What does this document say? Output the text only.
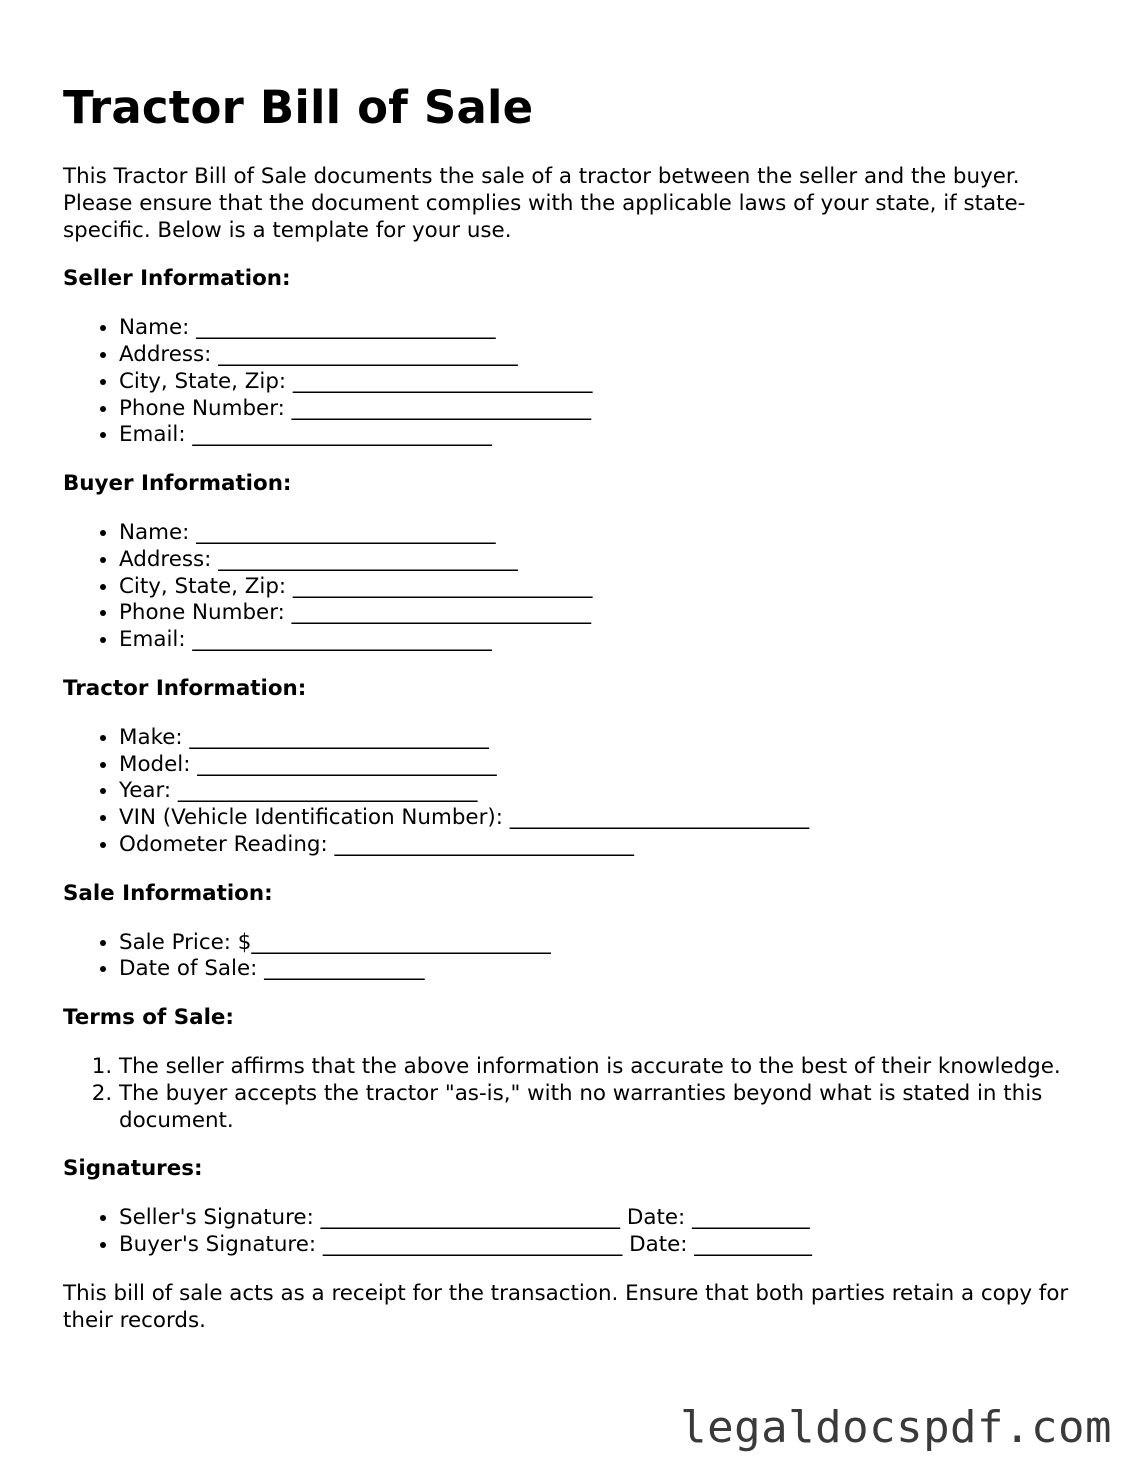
Tractor Bill of Sale

This Tractor Bill of Sale documents the sale of a tractor between the seller and the buyer. Please ensure that the document complies with the applicable laws of your state, if state-specific. Below is a template for your use.

Seller Information:
• Name: ____________________________
• Address: ____________________________
• City, State, Zip: ____________________________
• Phone Number: ____________________________
• Email: ____________________________
Buyer Information:
• Name: ____________________________
• Address: ____________________________
• City, State, Zip: ____________________________
• Phone Number: ____________________________
• Email: ____________________________
Tractor Information:
• Make: ____________________________
• Model: ____________________________
• Year: ____________________________
• VIN (Vehicle Identification Number): ____________________________
• Odometer Reading: ____________________________
Sale Information:
• Sale Price: $____________________________
• Date of Sale: _______________
Terms of Sale:
1. The seller affirms that the above information is accurate to the best of their knowledge.
2. The buyer accepts the tractor "as-is," with no warranties beyond what is stated in this document.
Signatures:
• Seller's Signature: ____________________________ Date: ___________
• Buyer's Signature: ____________________________ Date: ___________

This bill of sale acts as a receipt for the transaction. Ensure that both parties retain a copy for their records.

legaldocspdf.com
